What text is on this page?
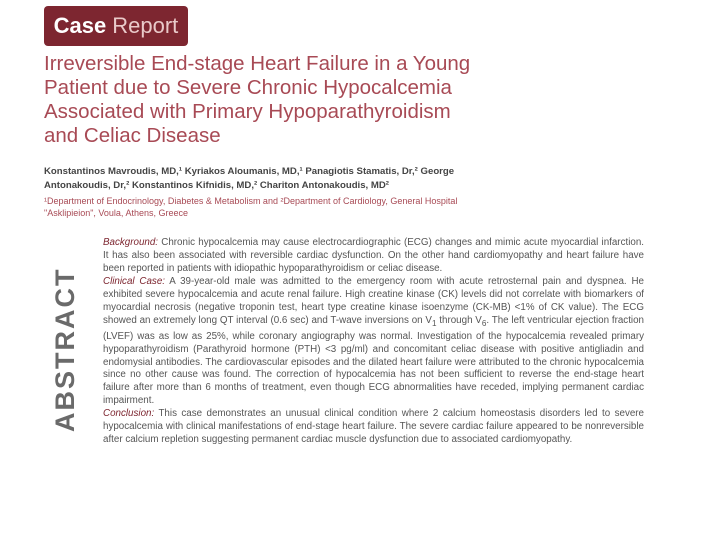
Case Report
Irreversible End-stage Heart Failure in a Young Patient due to Severe Chronic Hypocalcemia Associated with Primary Hypoparathyroidism and Celiac Disease
Konstantinos Mavroudis, MD,¹ Kyriakos Aloumanis, MD,¹ Panagiotis Stamatis, Dr,² George Antonakoudis, Dr,² Konstantinos Kifnidis, MD,² Chariton Antonakoudis, MD²
¹Department of Endocrinology, Diabetes & Metabolism and ²Department of Cardiology, General Hospital "Asklipieion", Voula, Athens, Greece
ABSTRACT

Background: Chronic hypocalcemia may cause electrocardiographic (ECG) changes and mimic acute myocardial infarction. It has also been associated with reversible cardiac dysfunction. On the other hand cardiomyopathy and heart failure have been reported in patients with idiopathic hypoparathyroidism or celiac disease.

Clinical Case: A 39-year-old male was admitted to the emergency room with acute retrosternal pain and dyspnea. He exhibited severe hypocalcemia and acute renal failure. High creatine kinase (CK) levels did not correlate with biomarkers of myocardial necrosis (negative troponin test, heart type creatine kinase isoenzyme (CK-MB) <1% of CK value). The ECG showed an extremely long QT interval (0.6 sec) and T-wave inversions on $V_1$ through $V_6$. The left ventricular ejection fraction (LVEF) was as low as 25%, while coronary angiography was normal. Investigation of the hypocalcemia revealed primary hypoparathyroidism (Parathyroid hormone (PTH) <3 pg/ml) and concomitant celiac disease with positive antigliadin and endomysial antibodies. The cardiovascular episodes and the dilated heart failure were attributed to the chronic hypocalcemia since no other cause was found. The correction of hypocalcemia has not been sufficient to reverse the end-stage heart failure after more than 6 months of treatment, even though ECG abnormalities have receded, implying permanent cardiac impairment.

Conclusion: This case demonstrates an unusual clinical condition where 2 calcium homeostasis disorders led to severe hypocalcemia with clinical manifestations of end-stage heart failure. The severe cardiac failure appeared to be nonreversible after calcium repletion suggesting permanent cardiac muscle dysfunction due to associated cardiomyopathy.
